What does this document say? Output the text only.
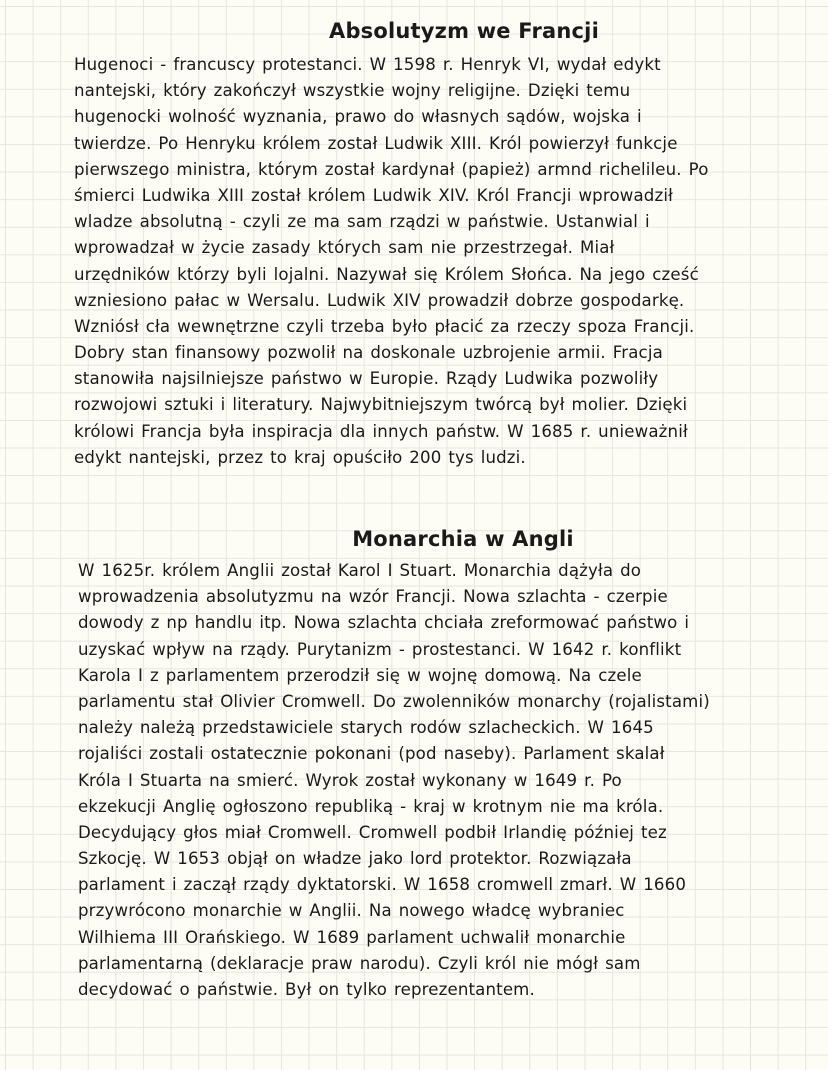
Absolutyzm we Francji
Hugenoci - francuscy protestanci. W 1598 r. Henryk VI, wydał edykt
nantejski, który zakończył wszystkie wojny religijne. Dzięki temu
hugenocki wolność wyznania, prawo do własnych sądów, wojska i
twierdze. Po Henryku królem został Ludwik XIII. Król powierzył funkcje
pierwszego ministra, którym został kardynał (papież) armnd richelileu. Po
śmierci Ludwika XIII został królem Ludwik XIV. Król Francji wprowadził
wladze absolutną - czyli ze ma sam rządzi w państwie. Ustanwial i
wprowadzał w życie zasady których sam nie przestrzegał. Miał
urzędników którzy byli lojalni. Nazywał się Królem Słońca. Na jego cześć
wzniesiono pałac w Wersalu. Ludwik XIV prowadził dobrze gospodarkę.
Wzniósł cła wewnętrzne czyli trzeba było płacić za rzeczy spoza Francji.
Dobry stan finansowy pozwolił na doskonale uzbrojenie armii. Fracja
stanowiła najsilniejsze państwo w Europie. Rządy Ludwika pozwoliły
rozwojowi sztuki i literatury. Najwybitniejszym twórcą był molier. Dzięki
królowi Francja była inspiracja dla innych państw. W 1685 r. unieważnił
edykt nantejski, przez to kraj opuściło 200 tys ludzi.
Monarchia w Angli
W 1625r. królem Anglii został Karol I Stuart. Monarchia dążyła do
wprowadzenia absolutyzmu na wzór Francji. Nowa szlachta - czerpie
dowody z np handlu itp. Nowa szlachta chciała zreformować państwo i
uzyskać wpływ na rządy. Purytanizm - prostestanci. W 1642 r. konflikt
Karola I z parlamentem przerodził się w wojnę domową. Na czele
parlamentu stał Olivier Cromwell. Do zwolenników monarchy (rojalistami)
należy należą przedstawiciele starych rodów szlacheckich. W 1645
rojaliści zostali ostatecznie pokonani (pod naseby). Parlament skalał
Króla I Stuarta na smierć. Wyrok został wykonany w 1649 r. Po
ekzekucji Anglię ogłoszono republiką - kraj w krotnym nie ma króla.
Decydujący głos miał Cromwell. Cromwell podbił Irlandię później tez
Szkocję. W 1653 objął on władze jako lord protektor. Rozwiązała
parlament i zaczął rządy dyktatorski. W 1658 cromwell zmarł. W 1660
przywrócono monarchie w Anglii. Na nowego władcę wybraniec
Wilhiema III Orańskiego. W 1689 parlament uchwalił monarchie
parlamentarną (deklaracje praw narodu). Czyli król nie mógł sam
decydować o państwie. Był on tylko reprezentantem.
